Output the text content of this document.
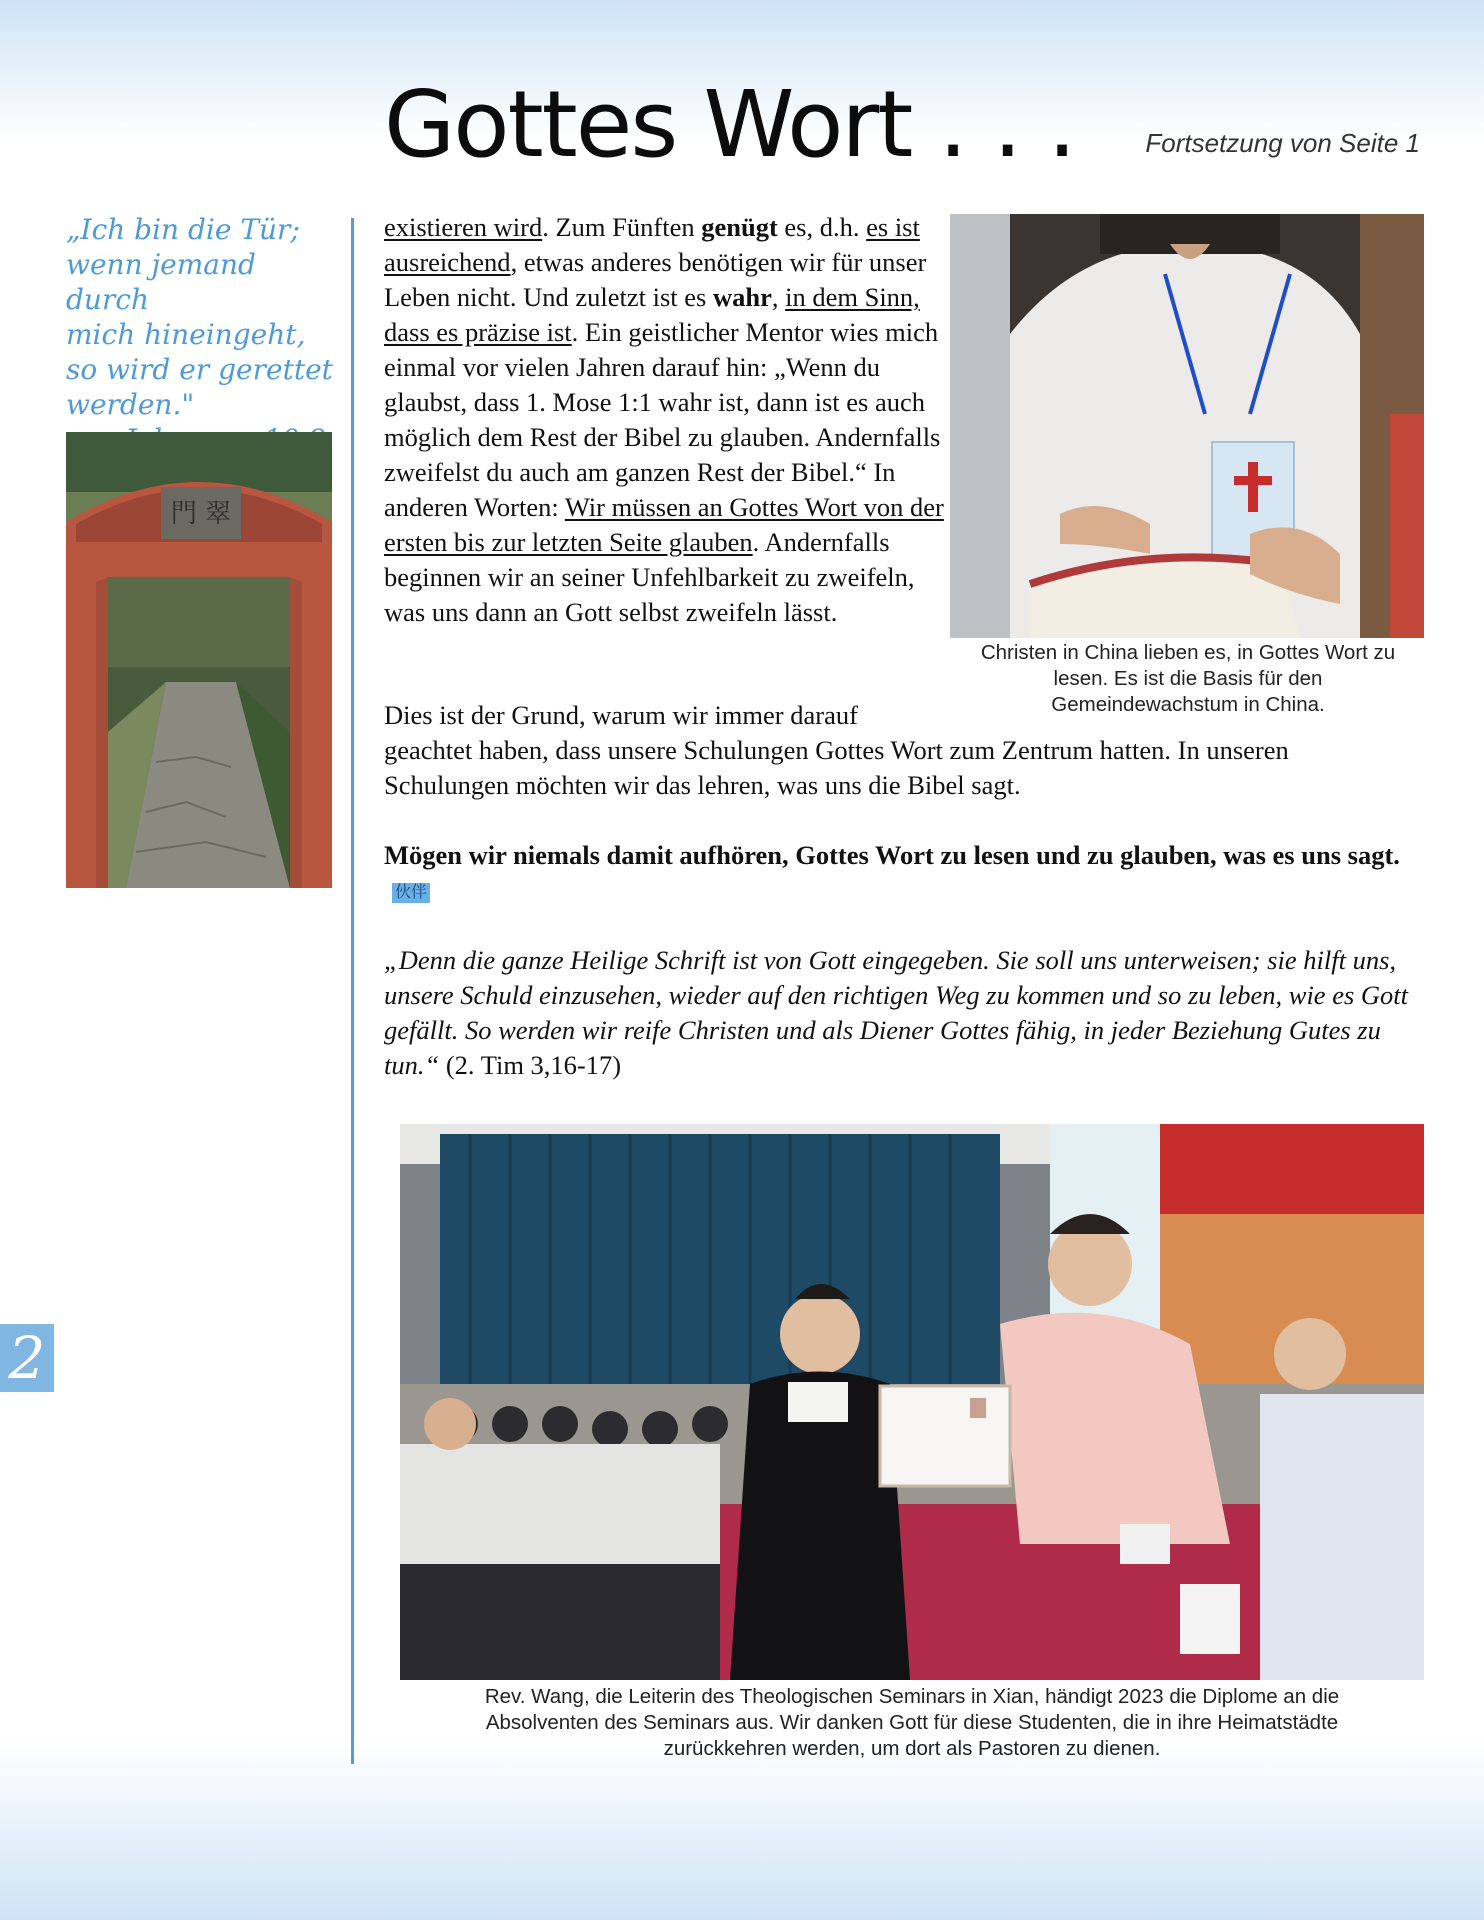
Gottes Wort . . .	Fortsetzung von Seite 1
„Ich bin die Tür;
wenn jemand durch
mich hineingeht,
so wird er gerettet
werden."
門 翠
2
existieren wird. Zum Fünften genügt es, d.h. es ist ausreichend, etwas anderes benötigen wir für unser Leben nicht. Und zuletzt ist es wahr, in dem Sinn, dass es präzise ist. Ein geistlicher Mentor wies mich einmal vor vielen Jahren darauf hin: „Wenn du glaubst, dass 1. Mose 1:1 wahr ist, dann ist es auch möglich dem Rest der Bibel zu glauben. Andernfalls zweifelst du auch am ganzen Rest der Bibel.“ In anderen Worten: Wir müssen an Gottes Wort von der ersten bis zur letzten Seite glauben. Andernfalls beginnen wir an seiner Unfehlbarkeit zu zweifeln, was uns dann an Gott selbst zweifeln lässt.
Christen in China lieben es, in Gottes Wort zu lesen. Es ist die Basis für den Gemeindewachstum in China.
Dies ist der Grund, warum wir immer darauf
geachtet haben, dass unsere Schulungen Gottes Wort zum Zentrum hatten. In unseren Schulungen möchten wir das lehren, was uns die Bibel sagt.
Mögen wir niemals damit aufhören, Gottes Wort zu lesen und zu glauben, was es uns sagt.伙伴
„Denn die ganze Heilige Schrift ist von Gott eingegeben. Sie soll uns unterweisen; sie hilft uns, unsere Schuld einzusehen, wieder auf den richtigen Weg zu kommen und so zu leben, wie es Gott gefällt. So werden wir reife Christen und als Diener Gottes fähig, in jeder Beziehung Gutes zu tun.“ (2. Tim 3,16-17)
Rev. Wang, die Leiterin des Theologischen Seminars in Xian, händigt 2023 die Diplome an die Absolventen des Seminars aus. Wir danken Gott für diese Studenten, die in ihre Heimatstädte zurückkehren werden, um dort als Pastoren zu dienen.
